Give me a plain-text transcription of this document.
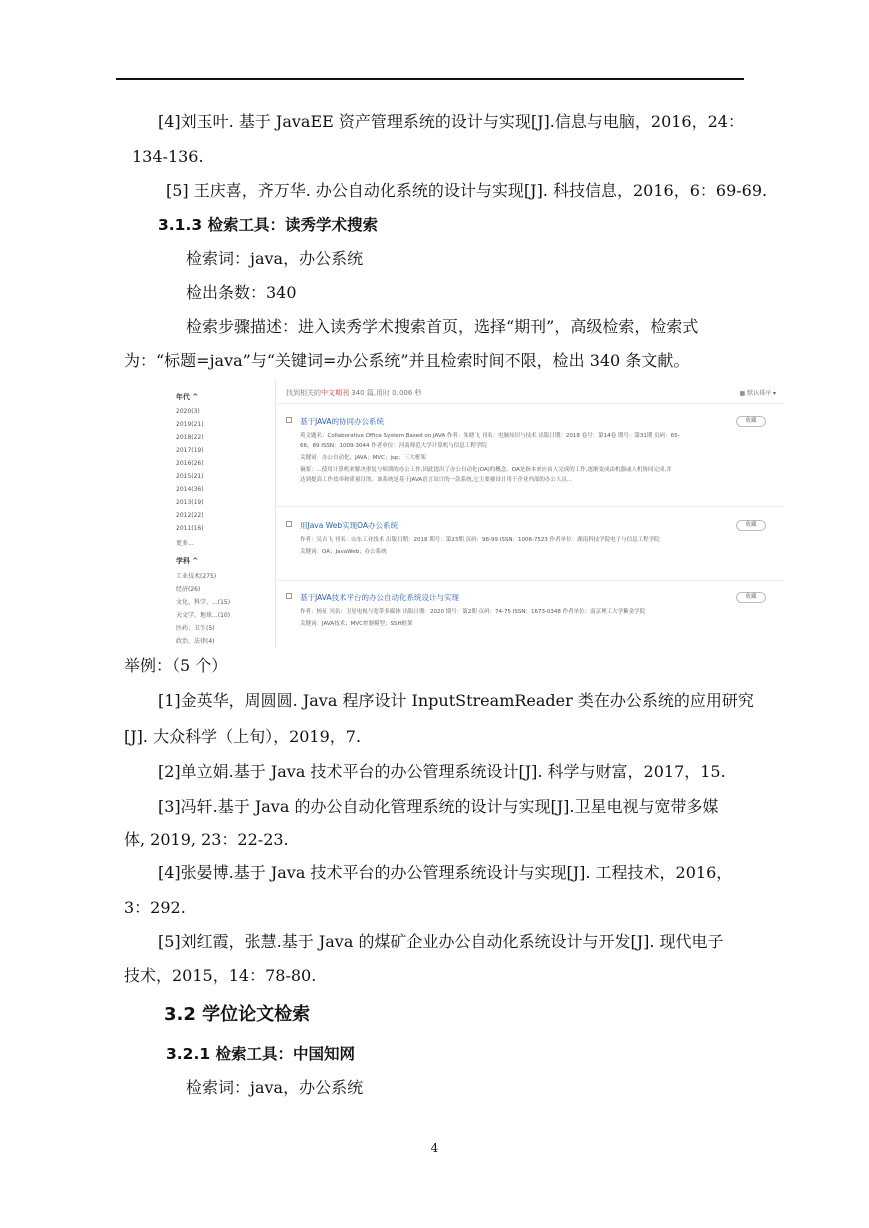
[4]刘玉叶. 基于 JavaEE 资产管理系统的设计与实现[J].信息与电脑，2016，24：
134-136.
[5] 王庆喜，齐万华. 办公自动化系统的设计与实现[J]. 科技信息，2016，6：69-69.
3.1.3 检索工具：读秀学术搜索
检索词：java，办公系统
检出条数：340
检索步骤描述：进入读秀学术搜索首页，选择“期刊”，高级检索，检索式
为：“标题=java”与“关键词=办公系统”并且检索时间不限，检出 340 条文献。
年代 ^
2020(3)
2019(21)
2018(22)
2017(19)
2016(26)
2015(21)
2014(36)
2013(19)
2012(22)
2011(16)
更多...
学科 ^
工业技术(275)
经济(26)
文化、科学、...(15)
天文学、地球...(10)
医药、卫生(5)
政治、法律(4)
找到相关的中文期刊 340 篇,用时 0.006 秒	▦ 默认排序 ▾
基于JAVA的协同办公系统
英文题名：Collaborative Office System Based on JAVA 作者：朱晓飞 刊名：电脑知识与技术 出版日期：2018 卷号：第14卷 期号：第31期 页码：65-
66，89 ISSN：1009-3044 作者单位：河南师范大学计算机与信息工程学院
关键词：办公自动化；JAVA；MVC；jsp；三大框架
摘要：...使用计算机来解决重复与烦琐的办公工作,因此提出了办公自动化(OA)的概念。OA是指本来应由人完成的工作,逐渐变成由机器或人机协同完成,并
达到提高工作效率和质量目的。该系统是基于JAVA语言设计的一款系统,它主要被设计用于企业内部的办公人员...
收藏
用Java Web实现OA办公系统
作者：吴吉飞 刊名：山东工业技术 出版日期：2018 期号：第23期 页码：98-99 ISSN：1006-7523 作者单位：湖南科技学院电子与信息工程学院
关键词：OA；JavaWeb；办公系统
收藏
基于JAVA技术平台的办公自动化系统设计与实现
作者：杨征 刊名：卫星电视与宽带多媒体 出版日期：2020 期号：第2期 页码：74-75 ISSN：1673-0348 作者单位：南京理工大学紫金学院
关键词：JAVA技术；MVC控制模型；SSH框架
收藏
举例：（5 个）
[1]金英华，周圆圆. Java 程序设计 InputStreamReader 类在办公系统的应用研究
[J]. 大众科学（上旬），2019，7.
[2]单立娟.基于 Java 技术平台的办公管理系统设计[J]. 科学与财富，2017，15.
[3]冯轩.基于 Java 的办公自动化管理系统的设计与实现[J].卫星电视与宽带多媒
体, 2019, 23：22-23.
[4]张晏博.基于 Java 技术平台的办公管理系统设计与实现[J]. 工程技术，2016，
3：292.
[5]刘红霞，张慧.基于 Java 的煤矿企业办公自动化系统设计与开发[J]. 现代电子
技术，2015，14：78-80.
3.2 学位论文检索
3.2.1 检索工具：中国知网
检索词：java，办公系统
4
